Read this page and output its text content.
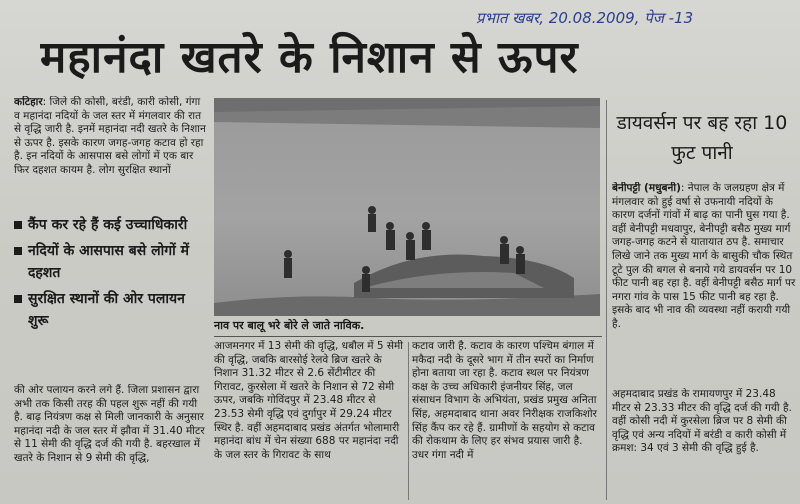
प्रभात खबर, 20.08.2009, पेज -13
महानंदा खतरे के निशान से ऊपर

कटिहार: जिले की कोसी, बरंडी, कारी कोसी, गंगा व महानंदा नदियों के जल स्तर में मंगलवार की रात से वृद्धि जारी है. इनमें महानंदा नदी खतरे के निशान से ऊपर है. इसके कारण जगह-जगह कटाव हो रहा है. इन नदियों के आसपास बसे लोगों में एक बार फिर दहशत कायम है. लोग सुरक्षित स्थानों

कैंप कर रहे हैं कई उच्चाधिकारी
नदियों के आसपास बसे लोगों में दहशत
सुरक्षित स्थानों की ओर पलायन शुरू

की ओर पलायन करने लगे हैं. जिला प्रशासन द्वारा अभी तक किसी तरह की पहल शुरू नहीं की गयी है. बाढ़ नियंत्रण कक्ष से मिली जानकारी के अनुसार महानंदा नदी के जल स्तर में झौवा में 31.40 मीटर से 11 सेमी की वृद्धि दर्ज की गयी है. बहरखाल में खतरे के निशान से 9 सेमी की वृद्धि,

नाव पर बालू भरे बोरे ले जाते नाविक.

आजमनगर में 13 सेमी की वृद्धि, धबौल में 5 सेमी की वृद्धि, जबकि बारसोई रेलवे ब्रिज खतरे के निशान 31.32 मीटर से 2.6 सेंटीमीटर की गिरावट, कुरसेला में खतरे के निशान से 72 सेमी ऊपर, जबकि गोविंदपुर में 23.48 मीटर से 23.53 सेमी वृद्धि एवं दुर्गापुर में 29.24 मीटर स्थिर है. वहीं अहमदाबाद प्रखंड अंतर्गत भोलामारी महानंदा बांध में चेन संख्या 688 पर महानंदा नदी के जल स्तर के गिरावट के साथ

कटाव जारी है. कटाव के कारण पश्चिम बंगाल में मकैदा नदी के दूसरे भाग में तीन स्परों का निर्माण होना बताया जा रहा है. कटाव स्थल पर नियंत्रण कक्ष के उच्च अधिकारी इंजनीयर सिंह, जल संसाधन विभाग के अभियंता, प्रखंड प्रमुख अनिता सिंह, अहमदाबाद थाना अवर निरीक्षक राजकिशोर सिंह कैंप कर रहे हैं. ग्रामीणों के सहयोग से कटाव की रोकथाम के लिए हर संभव प्रयास जारी है. उधर गंगा नदी में

डायवर्सन पर बह रहा 10 फुट पानी

बेनीपट्टी (मधुबनी): नेपाल के जलग्रहण क्षेत्र में मंगलवार को हुई वर्षा से उफनायी नदियों के कारण दर्जनों गांवों में बाढ़ का पानी घुस गया है. वहीं बेनीपट्टी मधवापुर, बेनीपट्टी बसैठ मुख्य मार्ग जगह-जगह कटने से यातायात ठप है. समाचार लिखे जाने तक मुख्य मार्ग के बासुकी चौक स्थित टूटे पुल की बगल से बनाये गये डायवर्सन पर 10 फीट पानी बह रहा है. वहीं बेनीपट्टी बसैठ मार्ग पर नगरा गांव के पास 15 फीट पानी बह रहा है. इसके बाद भी नाव की व्यवस्था नहीं करायी गयी है.

अहमदाबाद प्रखंड के रामायणपुर में 23.48 मीटर से 23.33 मीटर की वृद्धि दर्ज की गयी है. वहीं कोसी नदी में कुरसेला ब्रिज पर 8 सेमी की वृद्धि एवं अन्य नदियों में बरंडी व कारी कोसी में क्रमश: 34 एवं 3 सेमी की वृद्धि हुई है.
